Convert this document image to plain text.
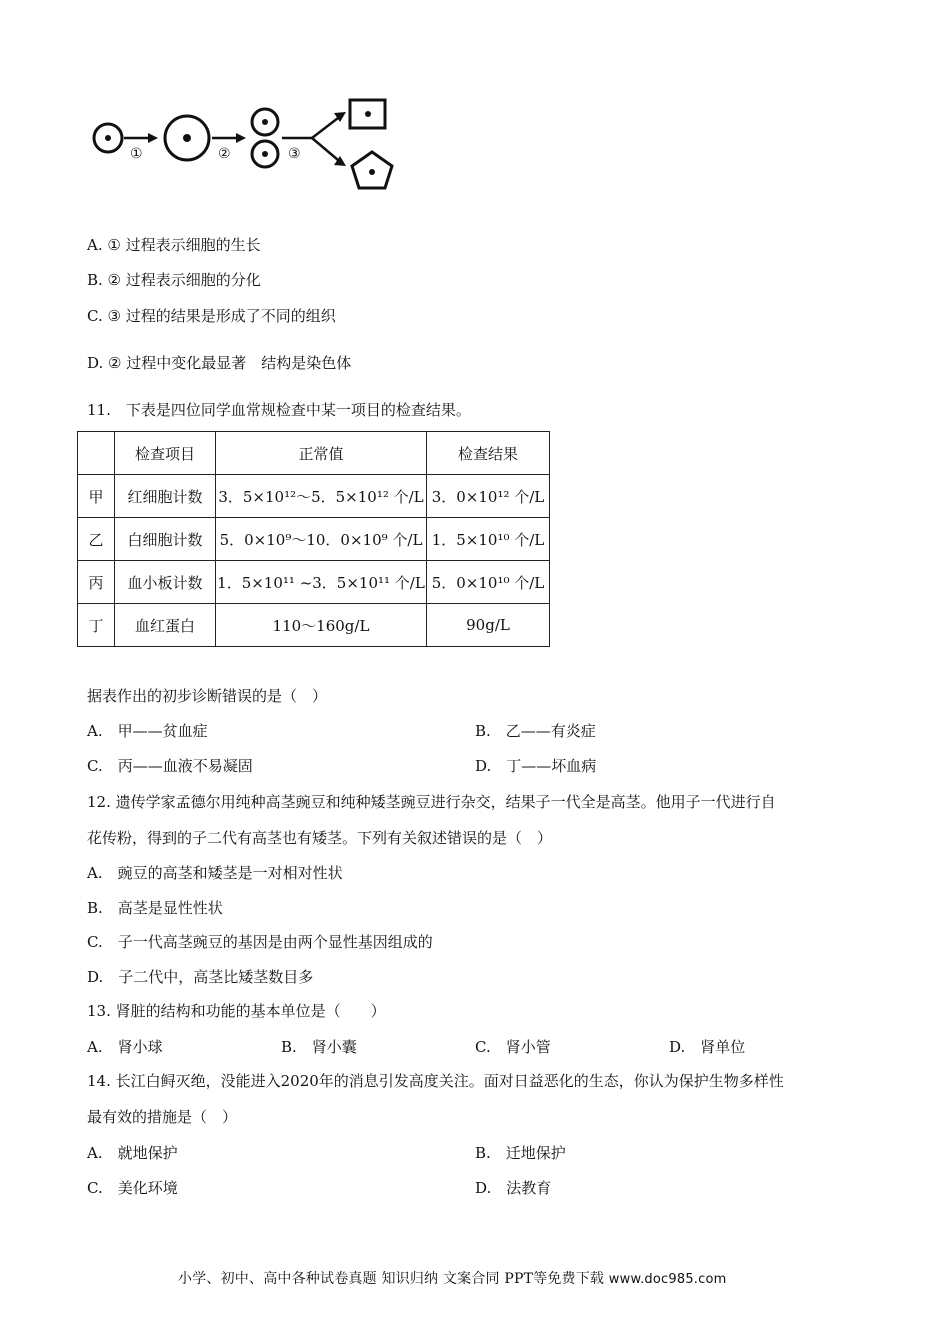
①	②	③
A. ① 过程表示细胞的生长
B. ② 过程表示细胞的分化
C. ③ 过程的结果是形成了不同的组织
D. ② 过程中变化最显著　结构是染色体
11.　下表是四位同学血常规检查中某一项目的检查结果。
	检查项目	正常值	检查结果
甲	红细胞计数	3．5×10¹²～5．5×10¹² 个/L	3．0×10¹² 个/L
乙	白细胞计数	5．0×10⁹～10．0×10⁹ 个/L	1．5×10¹⁰ 个/L
丙	血小板计数	1．5×10¹¹ ~3．5×10¹¹ 个/L	5．0×10¹⁰ 个/L
丁	血红蛋白	110～160g/L	90g/L
据表作出的初步诊断错误的是（　）
A.　甲——贫血症	B.　乙——有炎症
C.　丙——血液不易凝固	D.　丁——坏血病
12. 遗传学家孟德尔用纯种高茎豌豆和纯种矮茎豌豆进行杂交，结果子一代全是高茎。他用子一代进行自
花传粉，得到的子二代有高茎也有矮茎。下列有关叙述错误的是（　）
A.　豌豆的高茎和矮茎是一对相对性状
B.　高茎是显性性状
C.　子一代高茎豌豆的基因是由两个显性基因组成的
D.　子二代中，高茎比矮茎数目多
13. 肾脏的结构和功能的基本单位是（　　）
A.　肾小球	B.　肾小囊	C.　肾小管	D.　肾单位
14. 长江白鲟灭绝，没能进入2020年的消息引发高度关注。面对日益恶化的生态，你认为保护生物多样性
最有效的措施是（　）
A.　就地保护	B.　迁地保护
C.　美化环境	D.　法教育
小学、初中、高中各种试卷真题 知识归纳 文案合同 PPT等免费下载 www.doc985.com
